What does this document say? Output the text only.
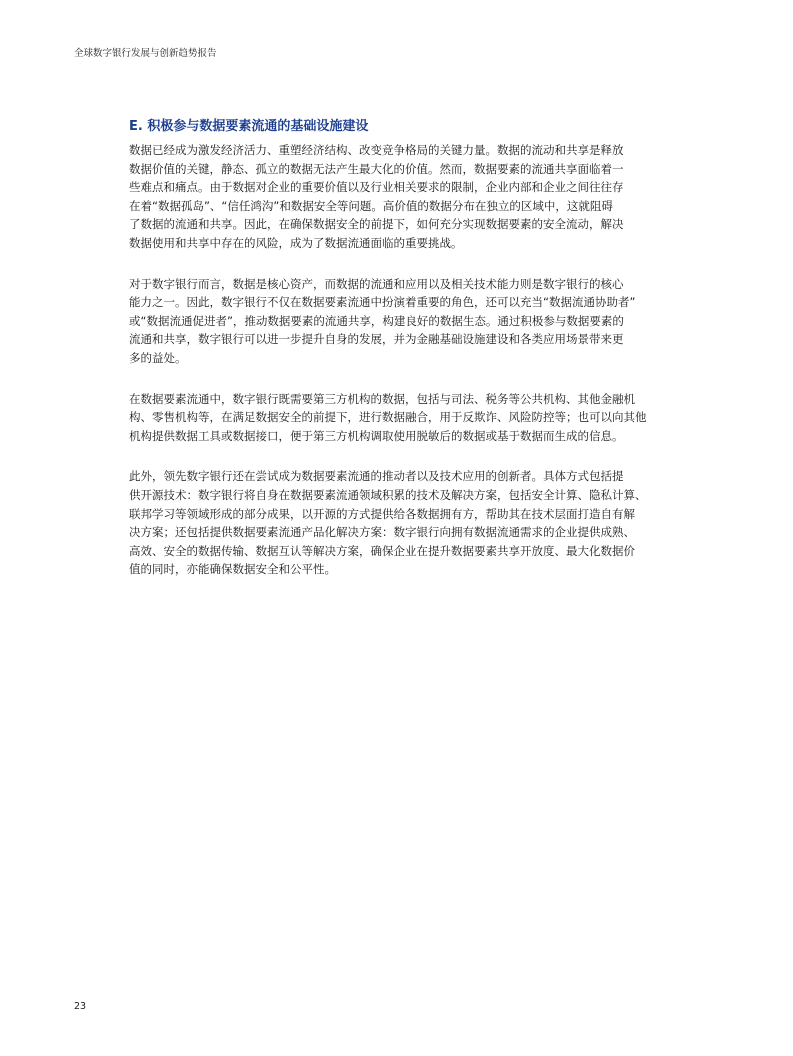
全球数字银行发展与创新趋势报告
E. 积极参与数据要素流通的基础设施建设
数据已经成为激发经济活力、重塑经济结构、改变竞争格局的关键力量。数据的流动和共享是释放
数据价值的关键，静态、孤立的数据无法产生最大化的价值。然而，数据要素的流通共享面临着一
些难点和痛点。由于数据对企业的重要价值以及行业相关要求的限制，企业内部和企业之间往往存
在着“数据孤岛”、“信任鸿沟”和数据安全等问题。高价值的数据分布在独立的区域中，这就阻碍
了数据的流通和共享。因此，在确保数据安全的前提下，如何充分实现数据要素的安全流动，解决
数据使用和共享中存在的风险，成为了数据流通面临的重要挑战。
对于数字银行而言，数据是核心资产，而数据的流通和应用以及相关技术能力则是数字银行的核心
能力之一。因此，数字银行不仅在数据要素流通中扮演着重要的角色，还可以充当“数据流通协助者”
或“数据流通促进者”，推动数据要素的流通共享，构建良好的数据生态。通过积极参与数据要素的
流通和共享，数字银行可以进一步提升自身的发展，并为金融基础设施建设和各类应用场景带来更
多的益处。
在数据要素流通中，数字银行既需要第三方机构的数据，包括与司法、税务等公共机构、其他金融机
构、零售机构等，在满足数据安全的前提下，进行数据融合，用于反欺诈、风险防控等；也可以向其他
机构提供数据工具或数据接口，便于第三方机构调取使用脱敏后的数据或基于数据而生成的信息。
此外，领先数字银行还在尝试成为数据要素流通的推动者以及技术应用的创新者。具体方式包括提
供开源技术：数字银行将自身在数据要素流通领域积累的技术及解决方案，包括安全计算、隐私计算、
联邦学习等领域形成的部分成果，以开源的方式提供给各数据拥有方，帮助其在技术层面打造自有解
决方案；还包括提供数据要素流通产品化解决方案：数字银行向拥有数据流通需求的企业提供成熟、
高效、安全的数据传输、数据互认等解决方案，确保企业在提升数据要素共享开放度、最大化数据价
值的同时，亦能确保数据安全和公平性。
23
